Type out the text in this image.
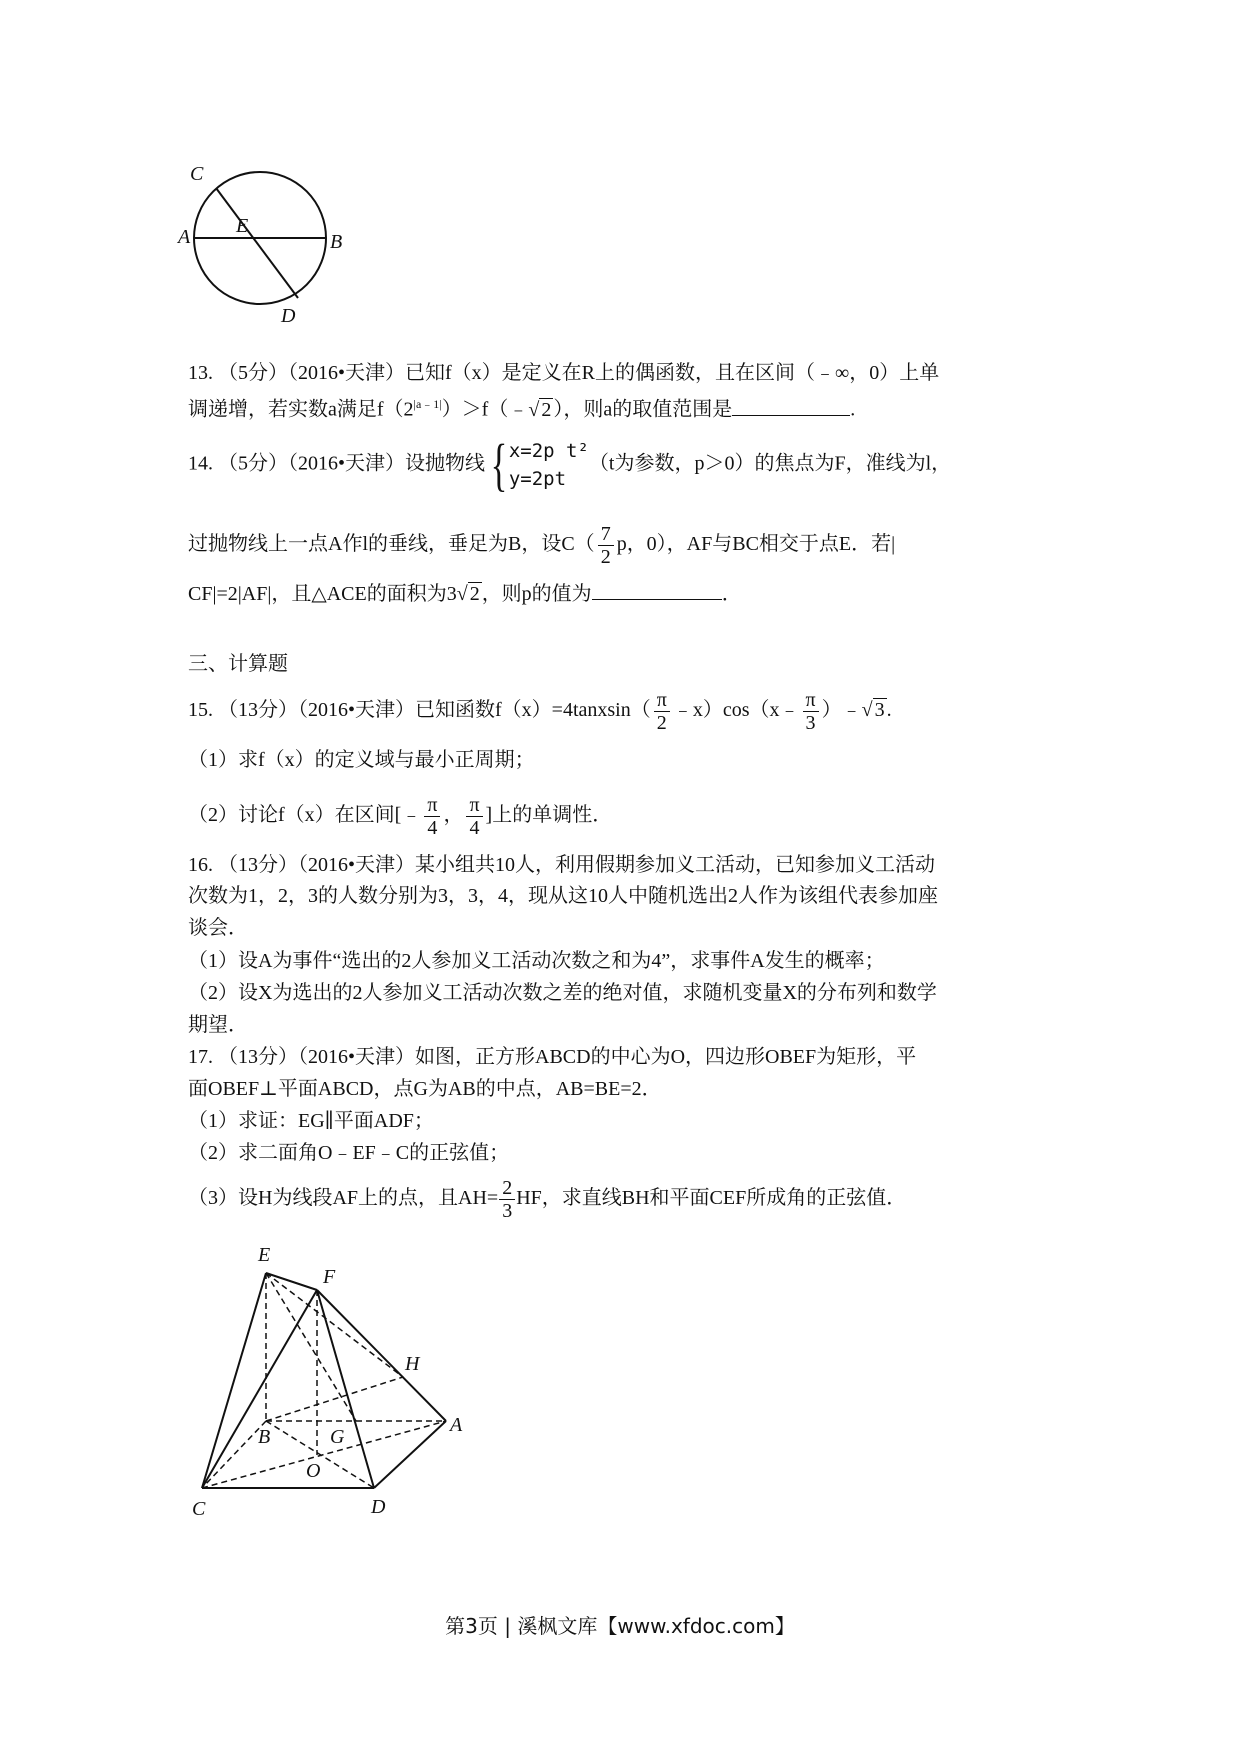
C
A E
B
D
13. （5分）（2016•天津）已知f（x）是定义在R上的偶函数，且在区间（﹣∞，0）上单
调递增，若实数a满足$f(2^{|a﹣1|})>f(﹣√$ 2 ），则a的取值范围是	.
14. （5分）（2016•天津）设抛物线 { x=2p t²
y=2pt
（t为参数，p＞0）的焦点为F，准线为l，
过抛物线上一点A作l的垂线，垂足为B，设$C( \frac{7}{2}$ p，0），AF与BC相交于点E．若|
CF|=2|AF|，且△ACE的面积为3√ 2 ，则p的值为	．
三、计算题
15. （13分）（2016•天津）已知函数f（x）=4tanxsin（ $\frac{\pi}{2}$ ﹣x）cos（x﹣ $\frac{\pi}{3}$ ）﹣√ 3 .
（1）求f（x）的定义域与最小正周期；
（2）讨论f（x）在区间[﹣ $\frac{\pi}{4}$ ， $\frac{\pi}{4}$ ]上的单调性．
16. （13分）（2016•天津）某小组共10人，利用假期参加义工活动，已知参加义工活动
次数为1，2，3的人数分别为3，3，4，现从这10人中随机选出2人作为该组代表参加座
谈会．
（1）设A为事件“选出的2人参加义工活动次数之和为4”，求事件A发生的概率；
（2）设X为选出的2人参加义工活动次数之差的绝对值，求随机变量X的分布列和数学
期望．
17. （13分）（2016•天津）如图，正方形ABCD的中心为O，四边形OBEF为矩形，平
面OBEF⊥平面ABCD，点G为AB的中点，AB=BE=2．
（1）求证：EG∥平面ADF；
（2）求二面角O﹣EF﹣C的正弦值；
（3）设H为线段AF上的点，且$AH= \frac{2}{3}$ HF，求直线BH和平面CEF所成角的正弦值．
E
F
H
A
B	G
O
C	D
第3页 | 溪枫文库【www.xfdoc.com】
